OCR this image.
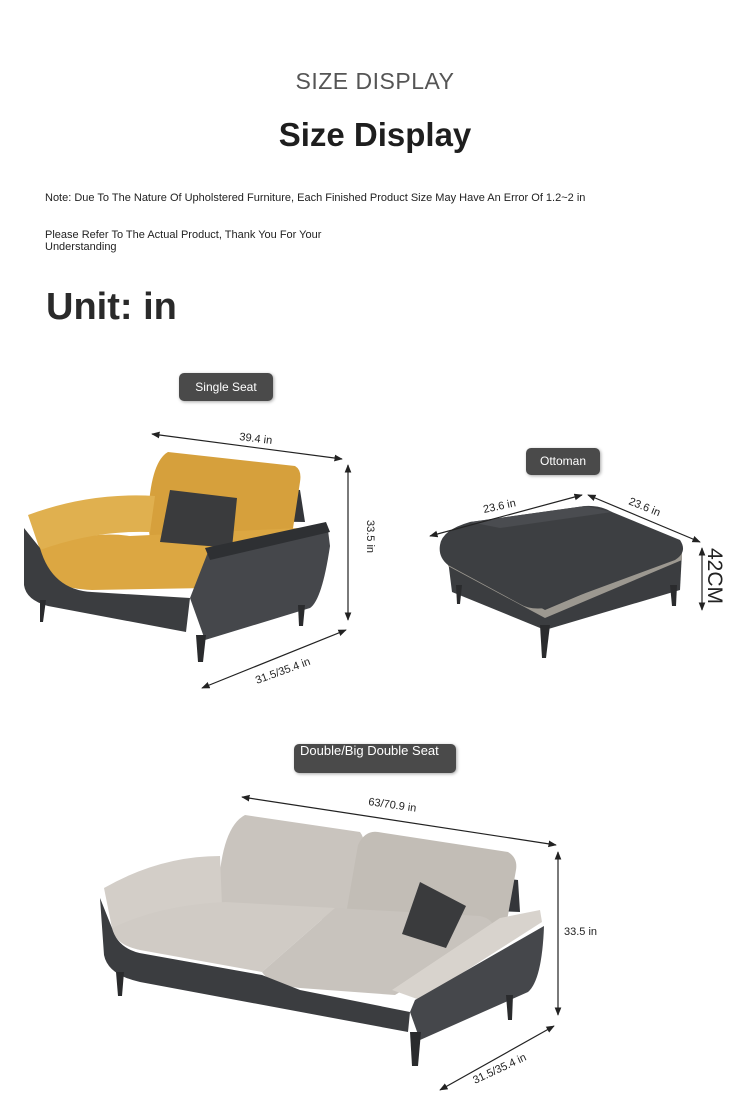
SIZE DISPLAY
Size Display
Note: Due To The Nature Of Upholstered Furniture, Each Finished Product Size May Have An Error Of 1.2~2 in
Please Refer To The Actual Product, Thank You For Your Understanding
Unit: in
Single Seat
Ottoman
Double/Big Double Seat
39.4 in
33.5 in
31.5/35.4 in
23.6 in	23.6 in
42CM
63/70.9 in
33.5 in
31.5/35.4 in
